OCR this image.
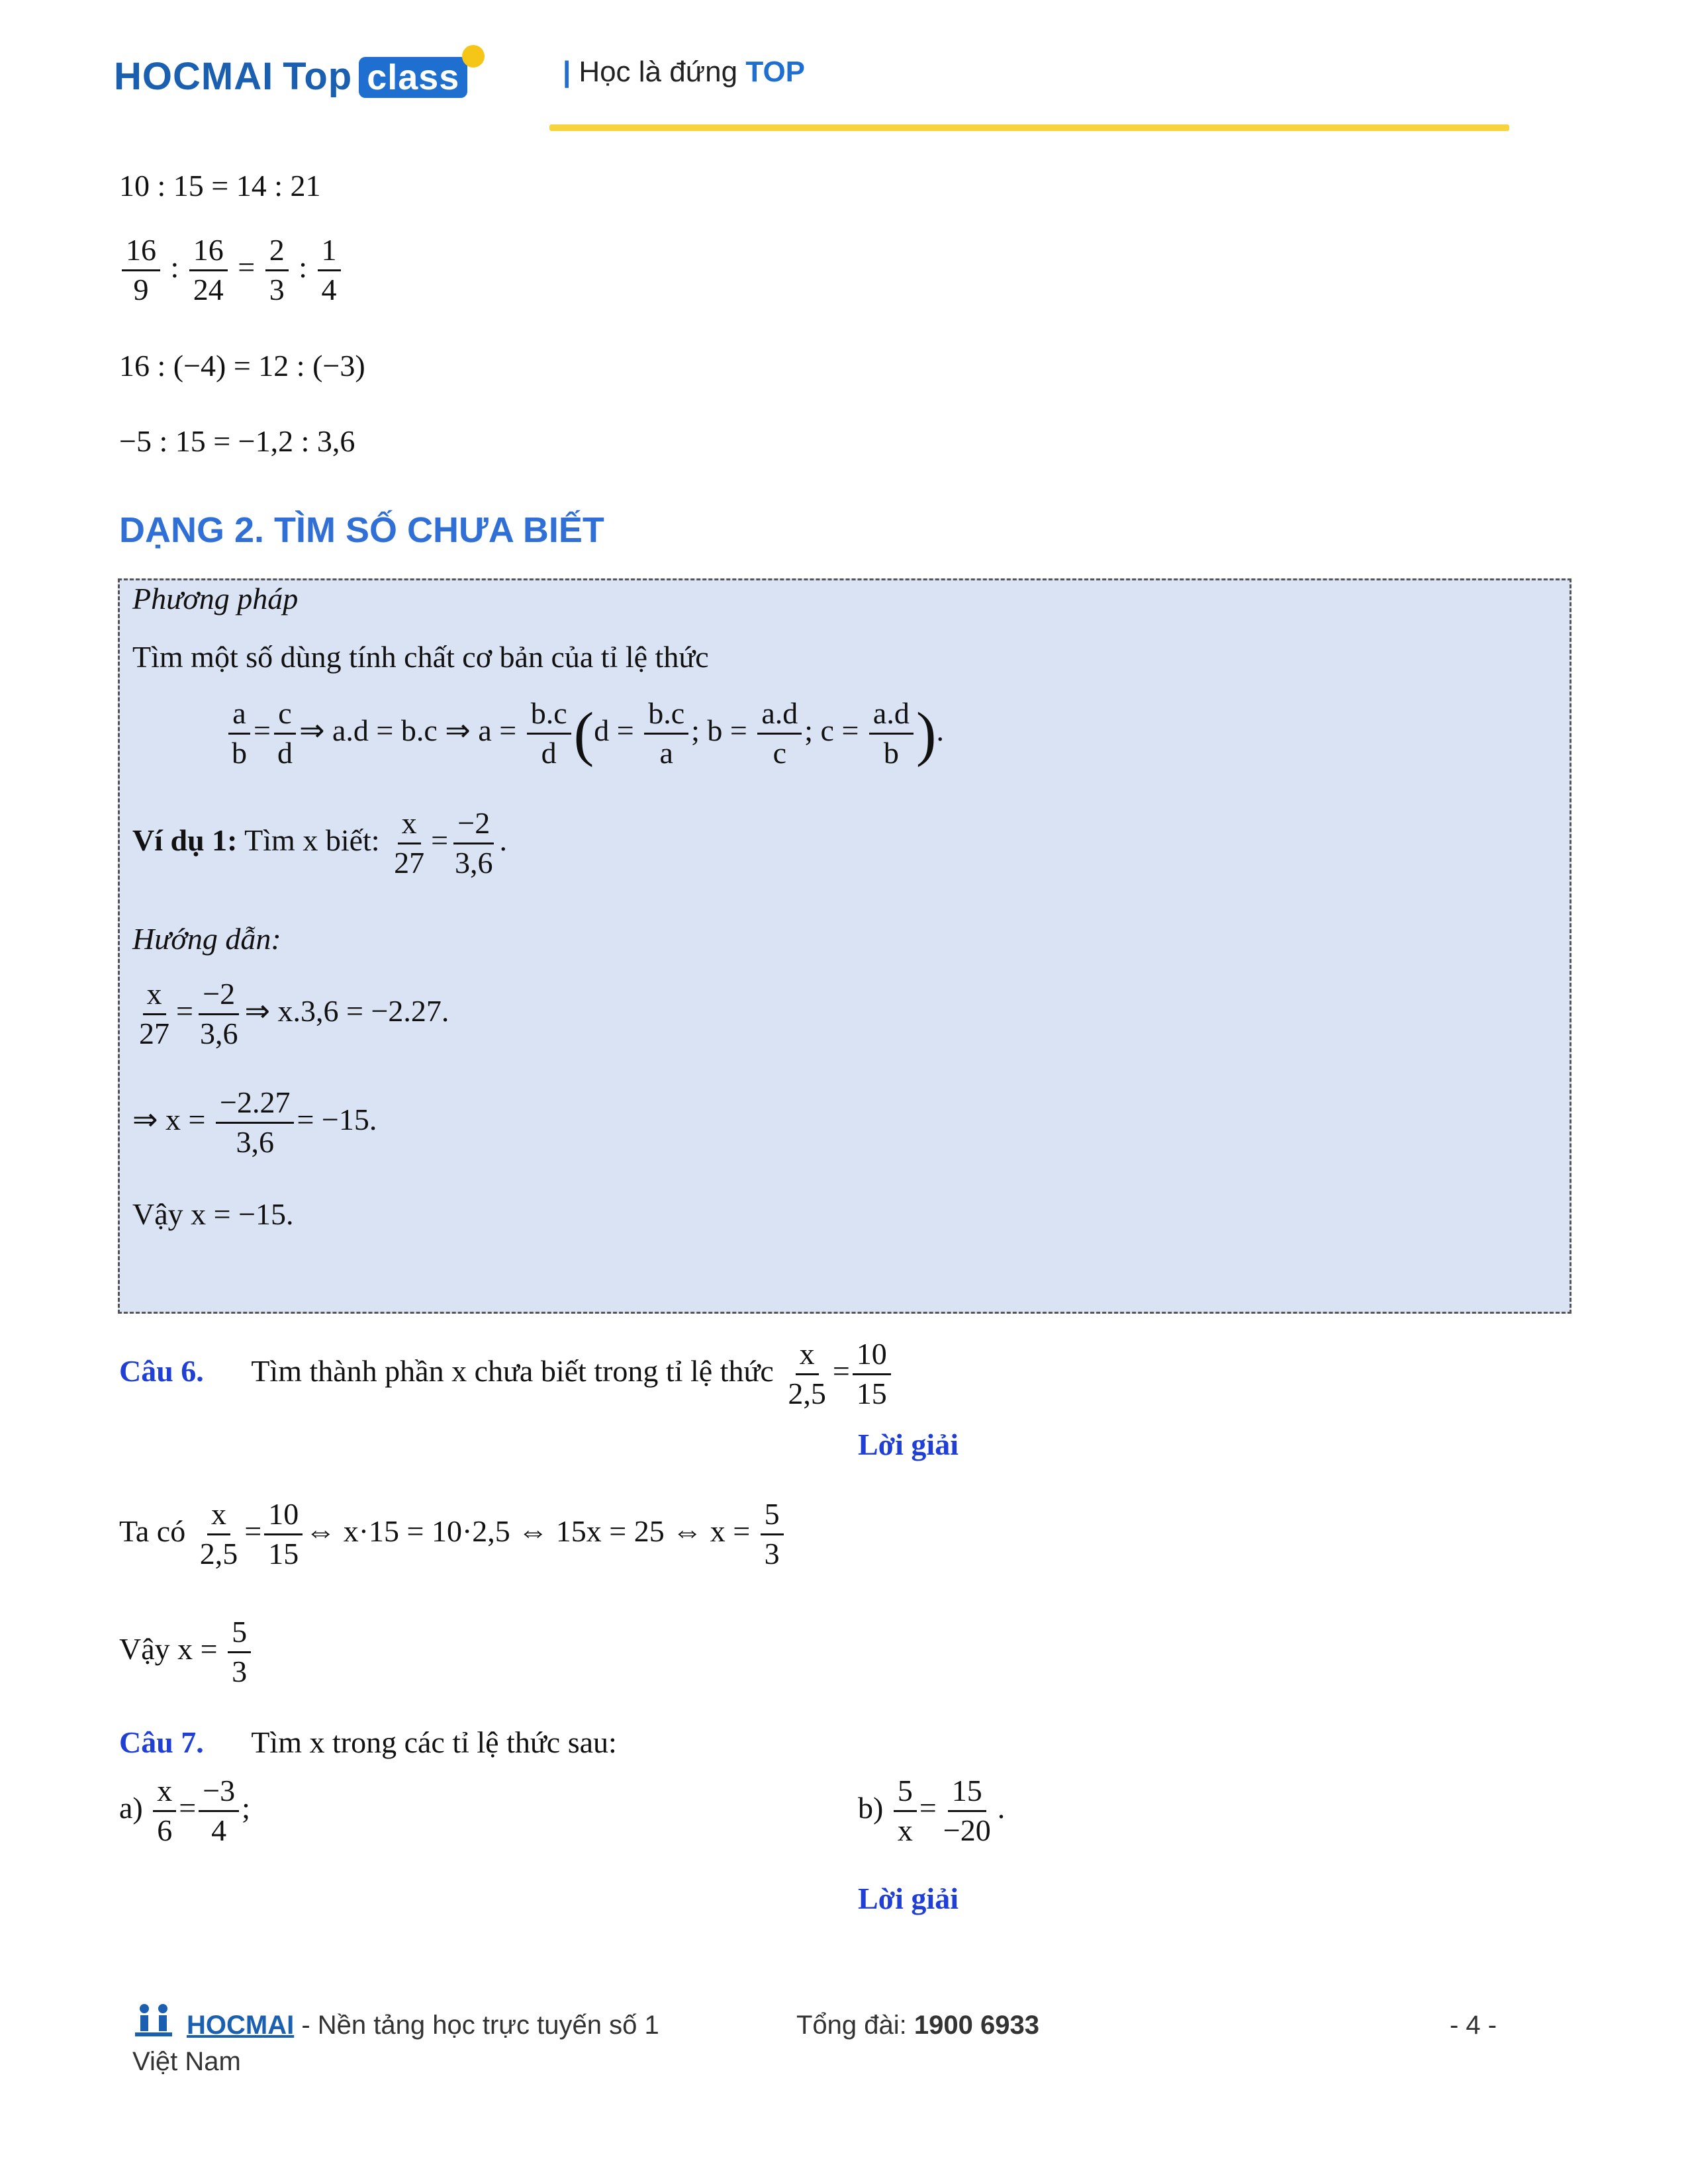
HOCMAI Top class	| Học là đứng TOP
10 : 15 = 14 : 21
$\frac{16}{9}$ : $\frac{16}{24} = \frac{2}{3}$ : $\frac{1}{4}$
16 : (−4) = 12 : (−3)
−5 : 15 = −1,2 : 3,6
DẠNG 2. TÌM SỐ CHƯA BIẾT
Phương pháp
Tìm một số dùng tính chất cơ bản của tỉ lệ thức
$\frac{a}{b} = \frac{c}{d}$ ⇒ a.d = b.c ⇒ $a = \frac{b.c}{d} (d = \frac{b.c}{a}$ ; $b = \frac{a.d}{c}$ ; $c = \frac{a.d}{b}$ ).
Ví dụ 1: Tìm x biết: $\frac{x}{27} = \frac{-2}{3,6}$ .
Hướng dẫn:
$\frac{x}{27} = \frac{-2}{3,6}$ ⇒ x.3,6 = −2.27.
⇒ $x = \frac{-2.27}{3,6} = -15$.
Vậy x = −15.
Câu 6. Tìm thành phần x chưa biết trong tỉ lệ thức $\frac{x}{2,5} = \frac{10}{15}$
Lời giải
Ta có $\frac{x}{2,5} = \frac{10}{15}$ ⇔ x·15 = 10·2,5 ⇔ 15x = 25 ⇔ $x = \frac{5}{3}$
Vậy $x = \frac{5}{3}$
Câu 7. Tìm x trong các tỉ lệ thức sau:
$a) \frac{x}{6} = \frac{-3}{4}$ ;	$b) \frac{5}{x} = \frac{15}{-20}$ .
Lời giải
HOCMAI - Nền tảng học trực tuyến số 1
Việt Nam
Tổng đài: 1900 6933	- 4 -
